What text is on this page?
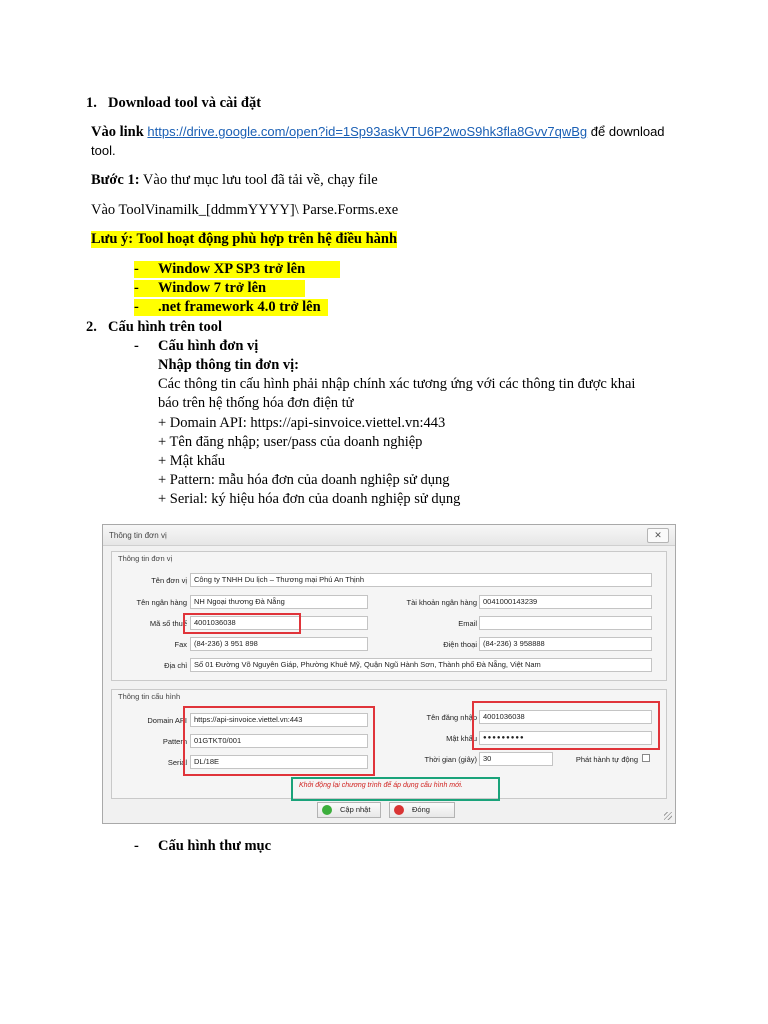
1. Download tool và cài đặt
Vào link https://drive.google.com/open?id=1Sp93askVTU6P2woS9hk3fla8Gvv7qwBg để download
tool.
Bước 1: Vào thư mục lưu tool đã tải về, chạy file
Vào ToolVinamilk_[ddmmYYYY]\ Parse.Forms.exe
Lưu ý: Tool hoạt động phù hợp trên hệ điều hành
- Window XP SP3 trở lên
- Window 7 trở lên
- .net framework 4.0 trở lên
2. Cấu hình trên tool
- Cấu hình đơn vị
Nhập thông tin đơn vị:
Các thông tin cấu hình phải nhập chính xác tương ứng với các thông tin được khai
báo trên hệ thống hóa đơn điện tử
+ Domain API: https://api-sinvoice.viettel.vn:443
+ Tên đăng nhập; user/pass của doanh nghiệp
+ Mật khẩu
+ Pattern: mẫu hóa đơn của doanh nghiệp sử dụng
+ Serial: ký hiệu hóa đơn của doanh nghiệp sử dụng
Thông tin đơn vị	✕
Thông tin đơn vị
Tên đơn vị Công ty TNHH Du lịch – Thương mại Phú An Thịnh
Tên ngân hàng NH Ngoại thương Đà Nẵng	Tài khoản ngân hàng 0041000143239
Mã số thuế 4001036038	Email
Fax (84-236) 3 951 898	Điện thoại (84-236) 3 958888
Địa chỉ Số 01 Đường Võ Nguyên Giáp, Phường Khuê Mỹ, Quận Ngũ Hành Sơn, Thành phố Đà Nẵng, Việt Nam
Thông tin cấu hình
Domain API https://api-sinvoice.viettel.vn:443	Tên đăng nhập 4001036038
Pattern 01GTKT0/001	Mật khẩu	●●●●●●●●●
Serial DL/18E	Thời gian (giây) 30	Phát hành tự động
Khởi động lại chương trình để áp dụng cấu hình mới.
Cập nhật	Đóng
- Cấu hình thư mục
